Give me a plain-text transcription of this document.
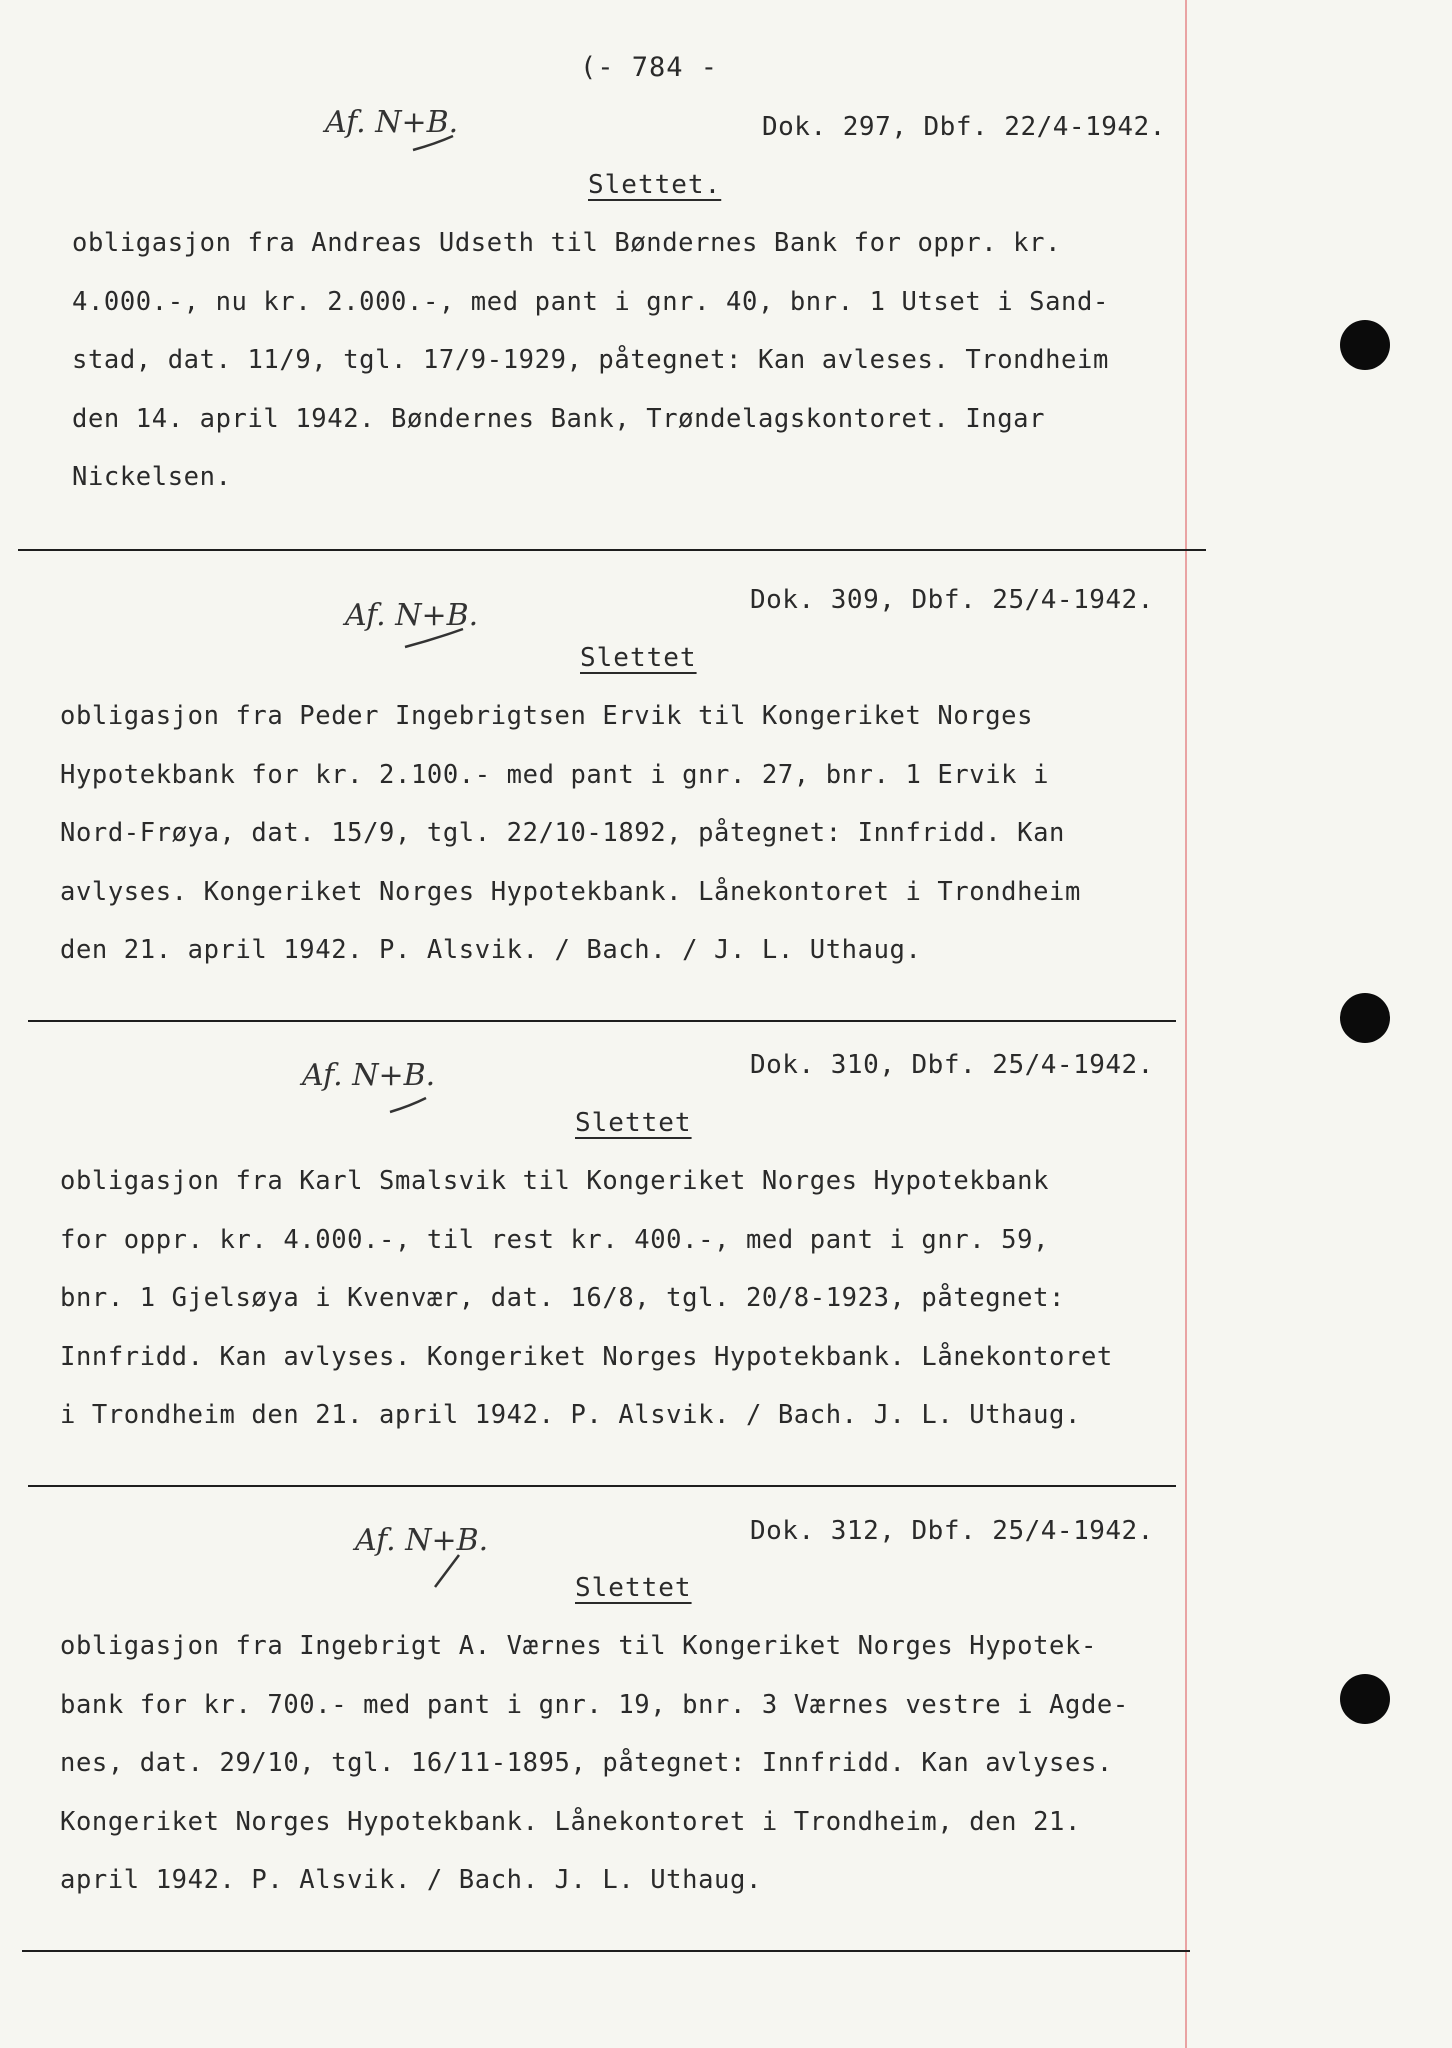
(- 784 -
Af. N+B.	Dok. 297, Dbf. 22/4-1942.
Slettet.
obligasjon fra Andreas Udseth til Bøndernes Bank for oppr. kr.
4.000.-, nu kr. 2.000.-, med pant i gnr. 40, bnr. 1 Utset i Sand-
stad, dat. 11/9, tgl. 17/9-1929, påtegnet: Kan avleses. Trondheim
den 14. april 1942. Bøndernes Bank, Trøndelagskontoret. Ingar
Nickelsen.
Af. N+B.	Dok. 309, Dbf. 25/4-1942.
Slettet
obligasjon fra Peder Ingebrigtsen Ervik til Kongeriket Norges
Hypotekbank for kr. 2.100.- med pant i gnr. 27, bnr. 1 Ervik i
Nord-Frøya, dat. 15/9, tgl. 22/10-1892, påtegnet: Innfridd. Kan
avlyses. Kongeriket Norges Hypotekbank. Lånekontoret i Trondheim
den 21. april 1942. P. Alsvik. / Bach. / J. L. Uthaug.
Af. N+B.	Dok. 310, Dbf. 25/4-1942.
Slettet
obligasjon fra Karl Smalsvik til Kongeriket Norges Hypotekbank
for oppr. kr. 4.000.-, til rest kr. 400.-, med pant i gnr. 59,
bnr. 1 Gjelsøya i Kvenvær, dat. 16/8, tgl. 20/8-1923, påtegnet:
Innfridd. Kan avlyses. Kongeriket Norges Hypotekbank. Lånekontoret
i Trondheim den 21. april 1942. P. Alsvik. / Bach. J. L. Uthaug.
Af. N+B.	Dok. 312, Dbf. 25/4-1942.
Slettet
obligasjon fra Ingebrigt A. Værnes til Kongeriket Norges Hypotek-
bank for kr. 700.- med pant i gnr. 19, bnr. 3 Værnes vestre i Agde-
nes, dat. 29/10, tgl. 16/11-1895, påtegnet: Innfridd. Kan avlyses.
Kongeriket Norges Hypotekbank. Lånekontoret i Trondheim, den 21.
april 1942. P. Alsvik. / Bach. J. L. Uthaug.
